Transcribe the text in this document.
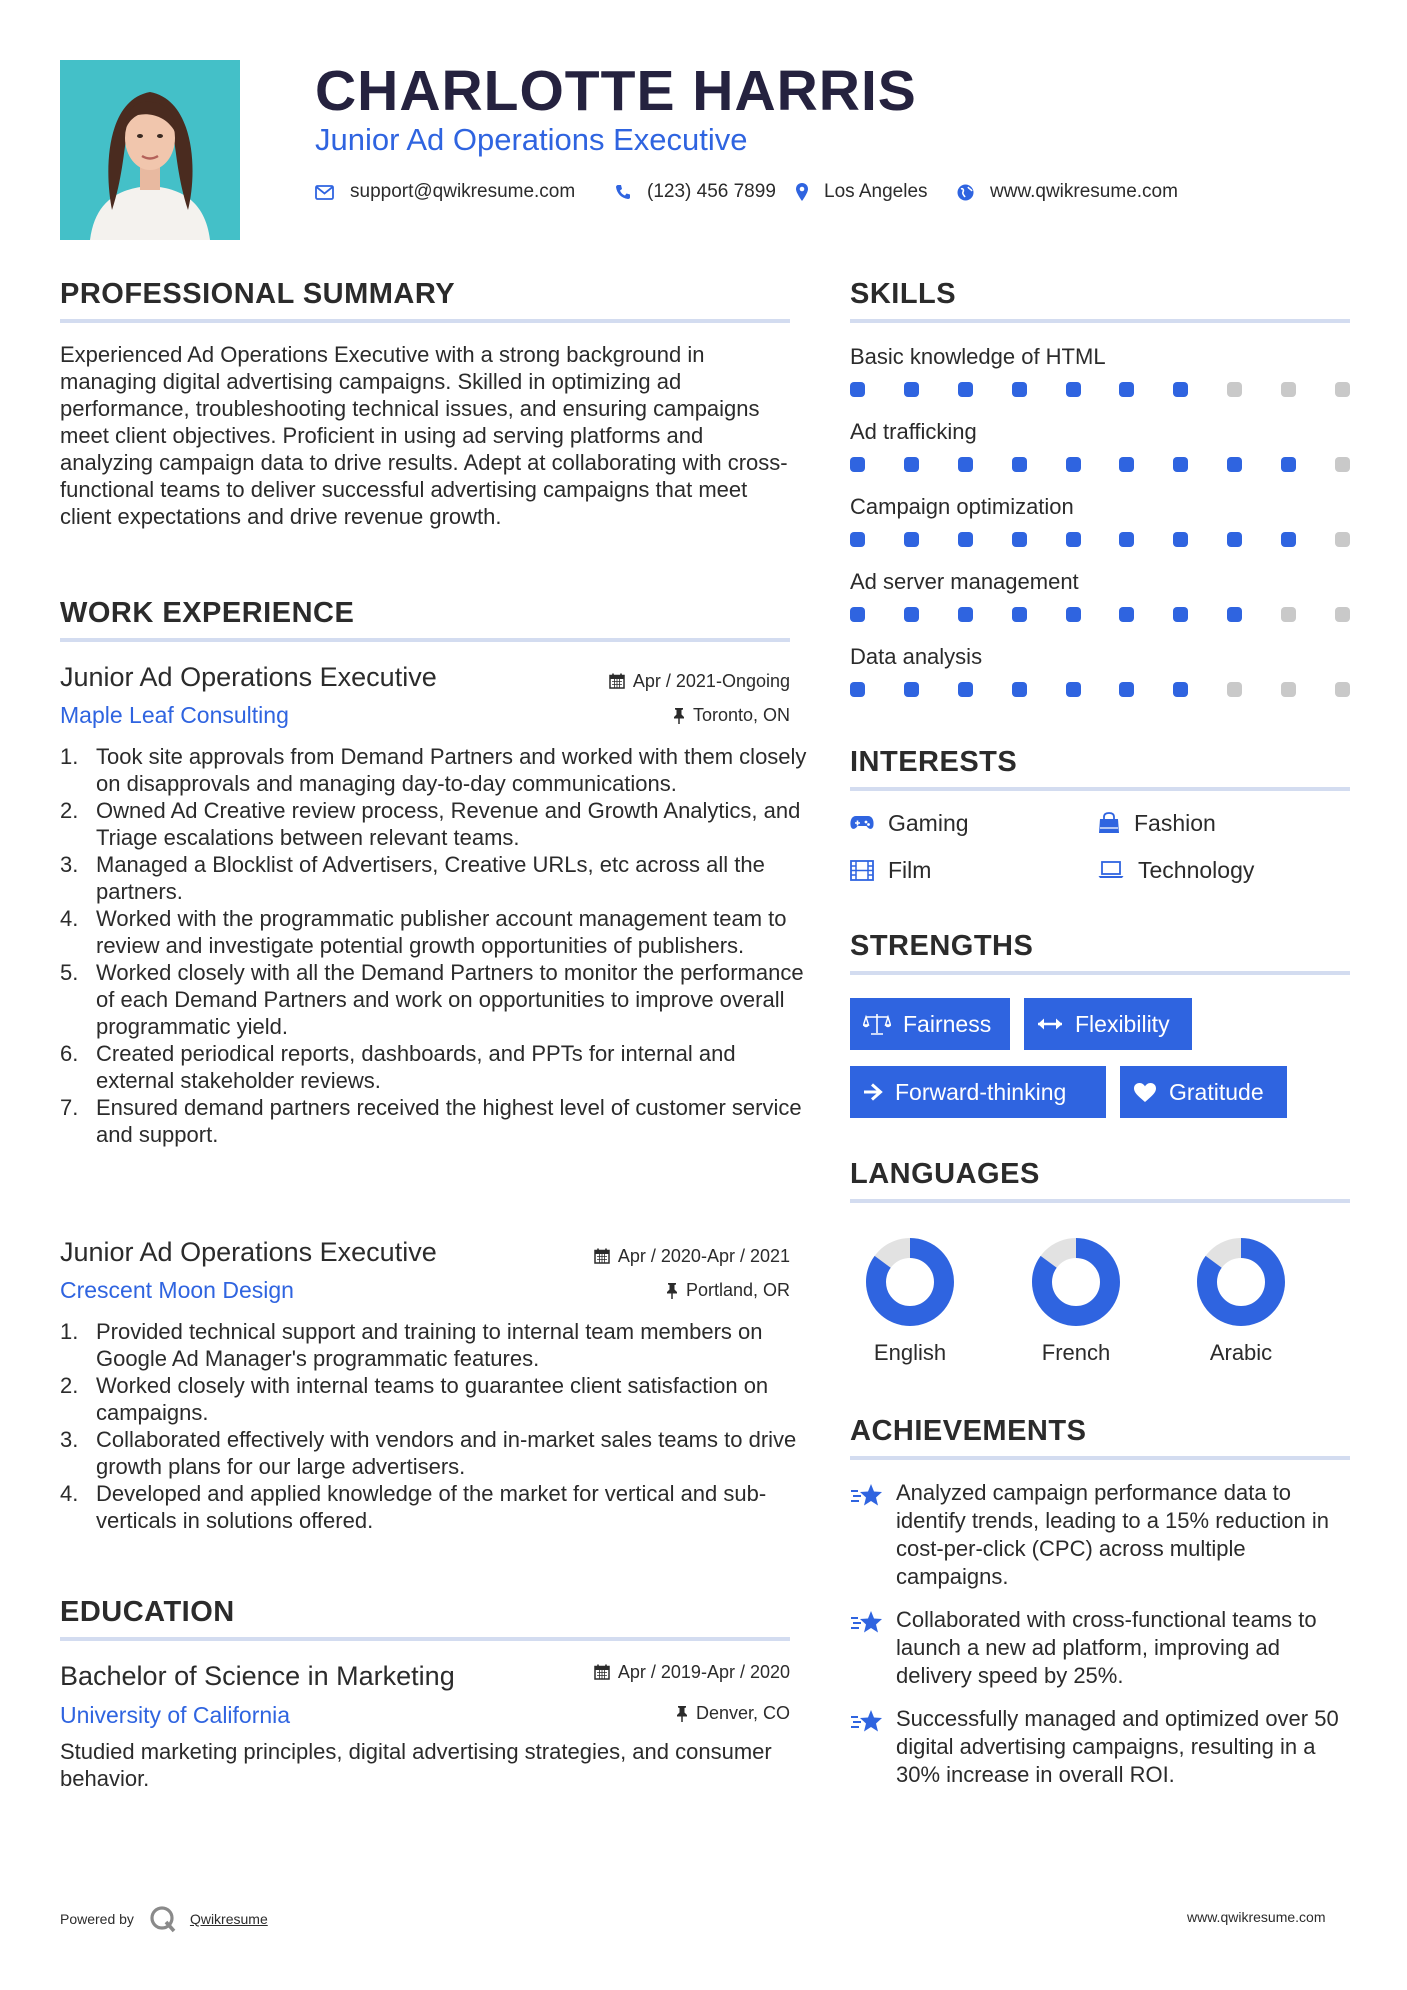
CHARLOTTE HARRIS
Junior Ad Operations Executive
support@qwikresume.com	(123) 456 7899	Los Angeles	www.qwikresume.com
PROFESSIONAL SUMMARY
Experienced Ad Operations Executive with a strong background in managing digital advertising campaigns. Skilled in optimizing ad performance, troubleshooting technical issues, and ensuring campaigns meet client objectives. Proficient in using ad serving platforms and analyzing campaign data to drive results. Adept at collaborating with cross-functional teams to deliver successful advertising campaigns that meet client expectations and drive revenue growth.
WORK EXPERIENCE
Junior Ad Operations Executive	Apr / 2021-Ongoing
Maple Leaf Consulting	Toronto, ON
1. Took site approvals from Demand Partners and worked with them closely on disapprovals and managing day-to-day communications.
2. Owned Ad Creative review process, Revenue and Growth Analytics, and Triage escalations between relevant teams.
3. Managed a Blocklist of Advertisers, Creative URLs, etc across all the partners.
4. Worked with the programmatic publisher account management team to review and investigate potential growth opportunities of publishers.
5. Worked closely with all the Demand Partners to monitor the performance of each Demand Partners and work on opportunities to improve overall programmatic yield.
6. Created periodical reports, dashboards, and PPTs for internal and external stakeholder reviews.
7. Ensured demand partners received the highest level of customer service and support.
Junior Ad Operations Executive	Apr / 2020-Apr / 2021
Crescent Moon Design	Portland, OR
1. Provided technical support and training to internal team members on Google Ad Manager's programmatic features.
2. Worked closely with internal teams to guarantee client satisfaction on campaigns.
3. Collaborated effectively with vendors and in-market sales teams to drive growth plans for our large advertisers.
4. Developed and applied knowledge of the market for vertical and sub-verticals in solutions offered.
EDUCATION
Bachelor of Science in Marketing	Apr / 2019-Apr / 2020
University of California	Denver, CO
Studied marketing principles, digital advertising strategies, and consumer behavior.
SKILLS
Basic knowledge of HTML
Ad trafficking
Campaign optimization
Ad server management
Data analysis
INTERESTS
Gaming	Fashion
Film	Technology
STRENGTHS
Fairness	Flexibility
Forward-thinking	Gratitude
LANGUAGES
English	French	Arabic
ACHIEVEMENTS
Analyzed campaign performance data to identify trends, leading to a 15% reduction in cost-per-click (CPC) across multiple campaigns.
Collaborated with cross-functional teams to launch a new ad platform, improving ad delivery speed by 25%.
Successfully managed and optimized over 50 digital advertising campaigns, resulting in a 30% increase in overall ROI.
Powered by	Qwikresume	www.qwikresume.com
